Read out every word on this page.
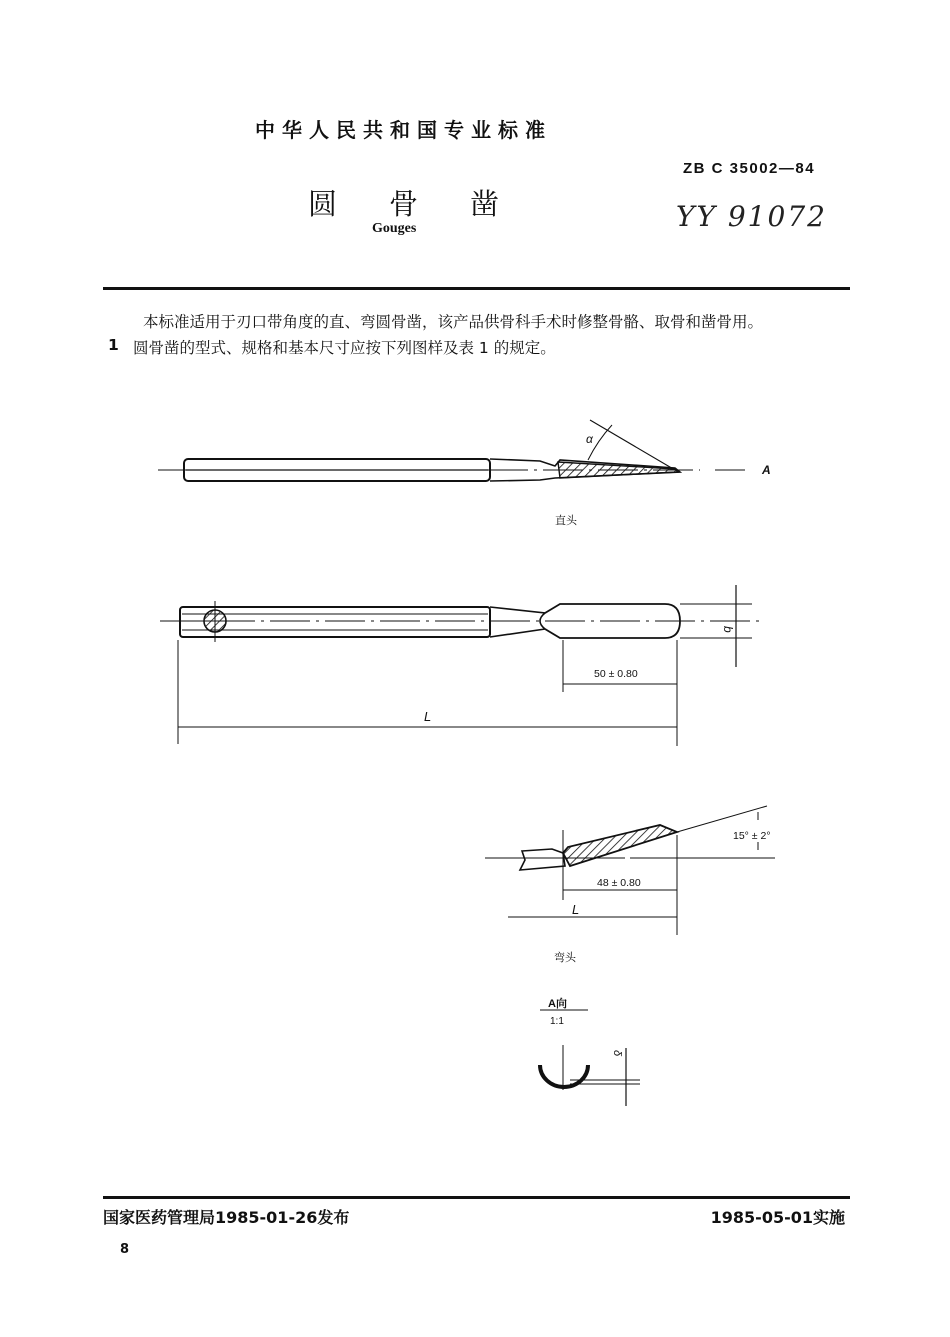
中华人民共和国专业标准
ZB C 35002—84
圆骨凿
Gouges	YY 91072
本标准适用于刃口带角度的直、弯圆骨凿，该产品供骨科手术时修整骨骼、取骨和凿骨用。
1 圆骨凿的型式、规格和基本尺寸应按下列图样及表 1 的规定。
α
A
直头
b
50 ± 0.80
L
15° ± 2°
48 ± 0.80
L
弯头
A向
1:1
δ
国家医药管理局1985-01-26发布	1985-05-01实施
8
